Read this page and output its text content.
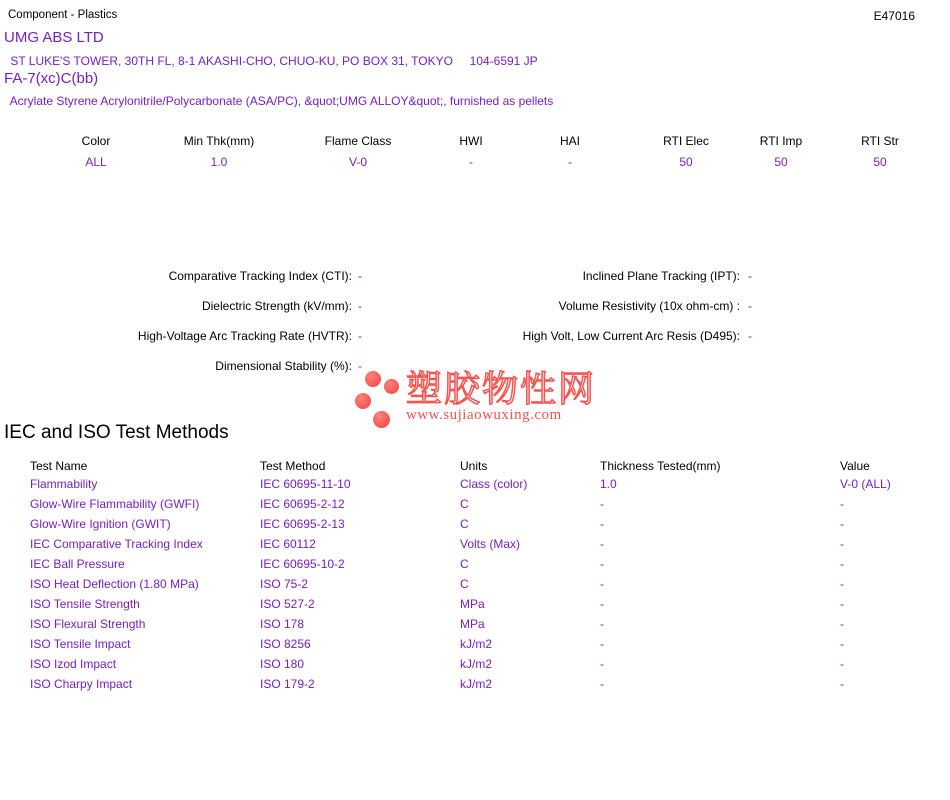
Component - Plastics	E47016
UMG ABS LTD
ST LUKE'S TOWER, 30TH FL, 8-1 AKASHI-CHO, CHUO-KU, PO BOX 31, TOKYO     104-6591 JP
FA-7(xc)C(bb)
Acrylate Styrene Acrylonitrile/Polycarbonate (ASA/PC), &quot;UMG ALLOY&quot;, furnished as pellets
Color	Min Thk(mm)	Flame Class	HWI	HAI	RTI Elec	RTI Imp	RTI Str
ALL	1.0	V-0	-	-	50	50	50
Comparative Tracking Index (CTI): -
Dielectric Strength (kV/mm): -
High-Voltage Arc Tracking Rate (HVTR): -
Dimensional Stability (%): -
Inclined Plane Tracking (IPT): -
Volume Resistivity (10x ohm-cm) : -
High Volt, Low Current Arc Resis (D495): -
塑胶物性网
www.sujiaowuxing.com
IEC and ISO Test Methods
Test Name	Test Method	Units	Thickness Tested(mm)	Value
Flammability	IEC 60695-11-10	Class (color)	1.0	V-0 (ALL)
Glow-Wire Flammability (GWFI)	IEC 60695-2-12	C	-	-
Glow-Wire Ignition (GWIT)	IEC 60695-2-13	C	-	-
IEC Comparative Tracking Index	IEC 60112	Volts (Max)	-	-
IEC Ball Pressure	IEC 60695-10-2	C	-	-
ISO Heat Deflection (1.80 MPa)	ISO 75-2	C	-	-
ISO Tensile Strength	ISO 527-2	MPa	-	-
ISO Flexural Strength	ISO 178	MPa	-	-
ISO Tensile Impact	ISO 8256	kJ/m2	-	-
ISO Izod Impact	ISO 180	kJ/m2	-	-
ISO Charpy Impact	ISO 179-2	kJ/m2	-	-
